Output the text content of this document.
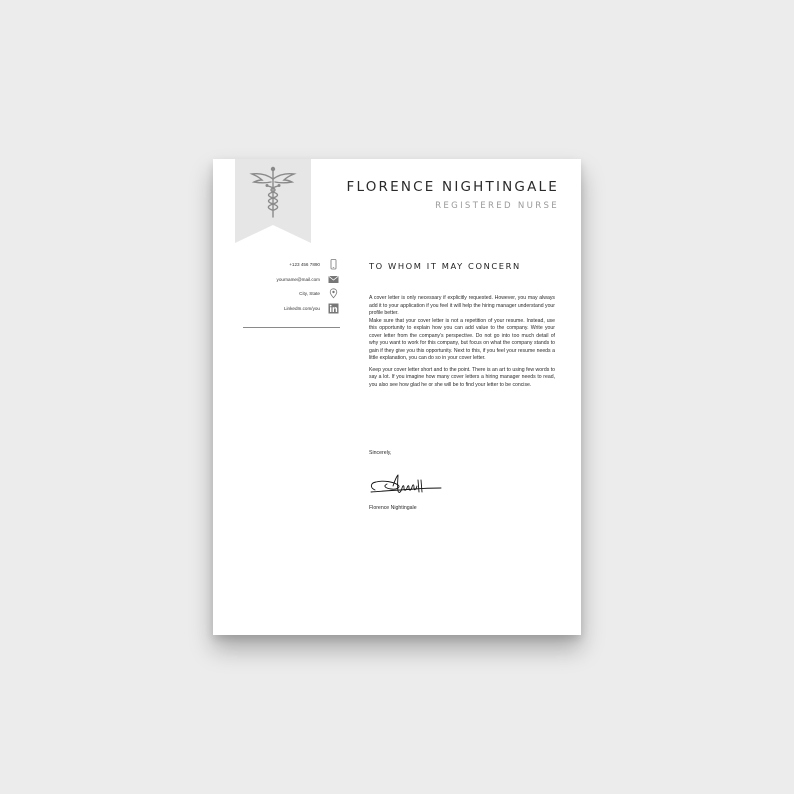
FLORENCE NIGHTINGALE
REGISTERED NURSE
+123 456 7890
yourname@mail.com
City, State
LinkedIn.com/you
TO WHOM IT MAY CONCERN

A cover letter is only necessary if explicitly requested. However, you may always add it to your application if you feel it will help the hiring manager understand your profile better.

Make sure that your cover letter is not a repetition of your resume. Instead, use this opportunity to explain how you can add value to the company. Write your cover letter from the company’s perspective. Do not go into too much detail of why you want to work for this company, but focus on what the company stands to gain if they give you this opportunity. Next to this, if you feel your resume needs a little explanation, you can do so in your cover letter.

Keep your cover letter short and to the point. There is an art to using few words to say a lot. If you imagine how many cover letters a hiring manager needs to read, you also see how glad he or she will be to find your letter to be concise.

Sincerely,
Florence Nightingale
